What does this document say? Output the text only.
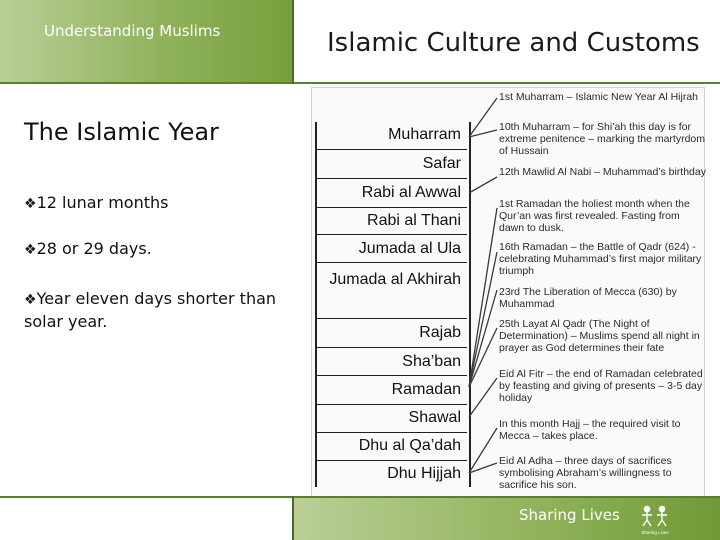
Understanding Muslims	Islamic Culture and Customs
The Islamic Year
❖12 lunar months
❖28 or 29 days.
❖Year eleven days shorter than solar year.
Muharram
Safar
Rabi al Awwal
Rabi al Thani
Jumada al Ula
Jumada al Akhirah
Rajab
Sha’ban
Ramadan
Shawal
Dhu al Qa’dah
Dhu Hijjah
1st Muharram – Islamic New Year Al Hijrah
10th Muharram – for Shi’ah this day is for extreme penitence – marking the martyrdom of Hussain
12th Mawlid Al Nabi – Muhammad’s birthday
1st Ramadan the holiest month when the Qur’an was first revealed. Fasting from dawn to dusk.
16th Ramadan – the Battle of Qadr (624) - celebrating Muhammad’s first major military triumph
23rd The Liberation of Mecca (630) by Muhammad
25th Layat Al Qadr (The Night of Determination) – Muslims spend all night in prayer as God determines their fate
Eid Al Fitr – the end of Ramadan celebrated by feasting and giving of presents – 3-5 day holiday
In this month Hajj – the required visit to Mecca – takes place.
Eid Al Adha – three days of sacrifices symbolising Abraham’s willingness to sacrifice his son.
Sharing Lives
Sharing Lives
